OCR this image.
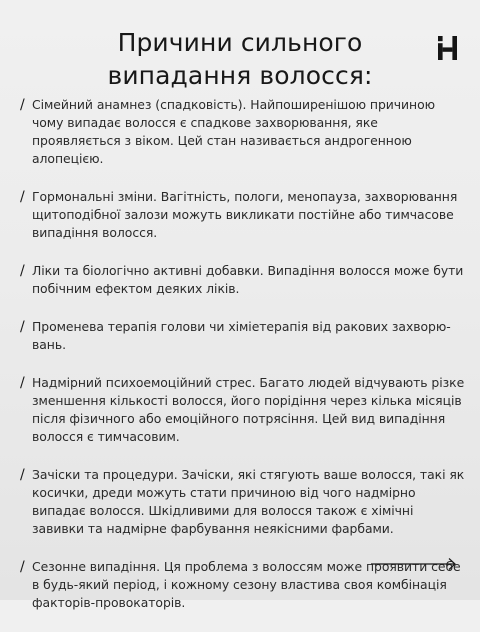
Причини сильного
випадання волосся:
/ Сімейний анамнез (спадковість). Найпоширенішою причиною чому випадає волосся є спадкове захворювання, яке проявляється з віком. Цей стан називається андрогенною алопецією.
/ Гормональні зміни. Вагітність, пологи, менопауза, захворювання щитоподібної залози можуть викликати постійне або тимчасове випадіння волосся.
/ Ліки та біологічно активні добавки. Випадіння волосся може бути побічним ефектом деяких ліків.
/ Променева терапія голови чи хіміетерапія від ракових захворю-вань.
/ Надмірний психоемоційний стрес. Багато людей відчувають різке зменшення кількості волосся, його порідіння через кілька місяців після фізичного або емоційного потрясіння. Цей вид випадіння волосся є тимчасовим.
/ Зачіски та процедури. Зачіски, які стягують ваше волосся, такі як косички, дреди можуть стати причиною від чого надмірно випадає волосся. Шкідливими для волосся також є хімічні завивки та надмірне фарбування неякісними фарбами.
/ Сезонне випадіння. Ця проблема з волоссям може проявити себе в будь-який період, і кожному сезону властива своя комбінація факторів-провокаторів.
